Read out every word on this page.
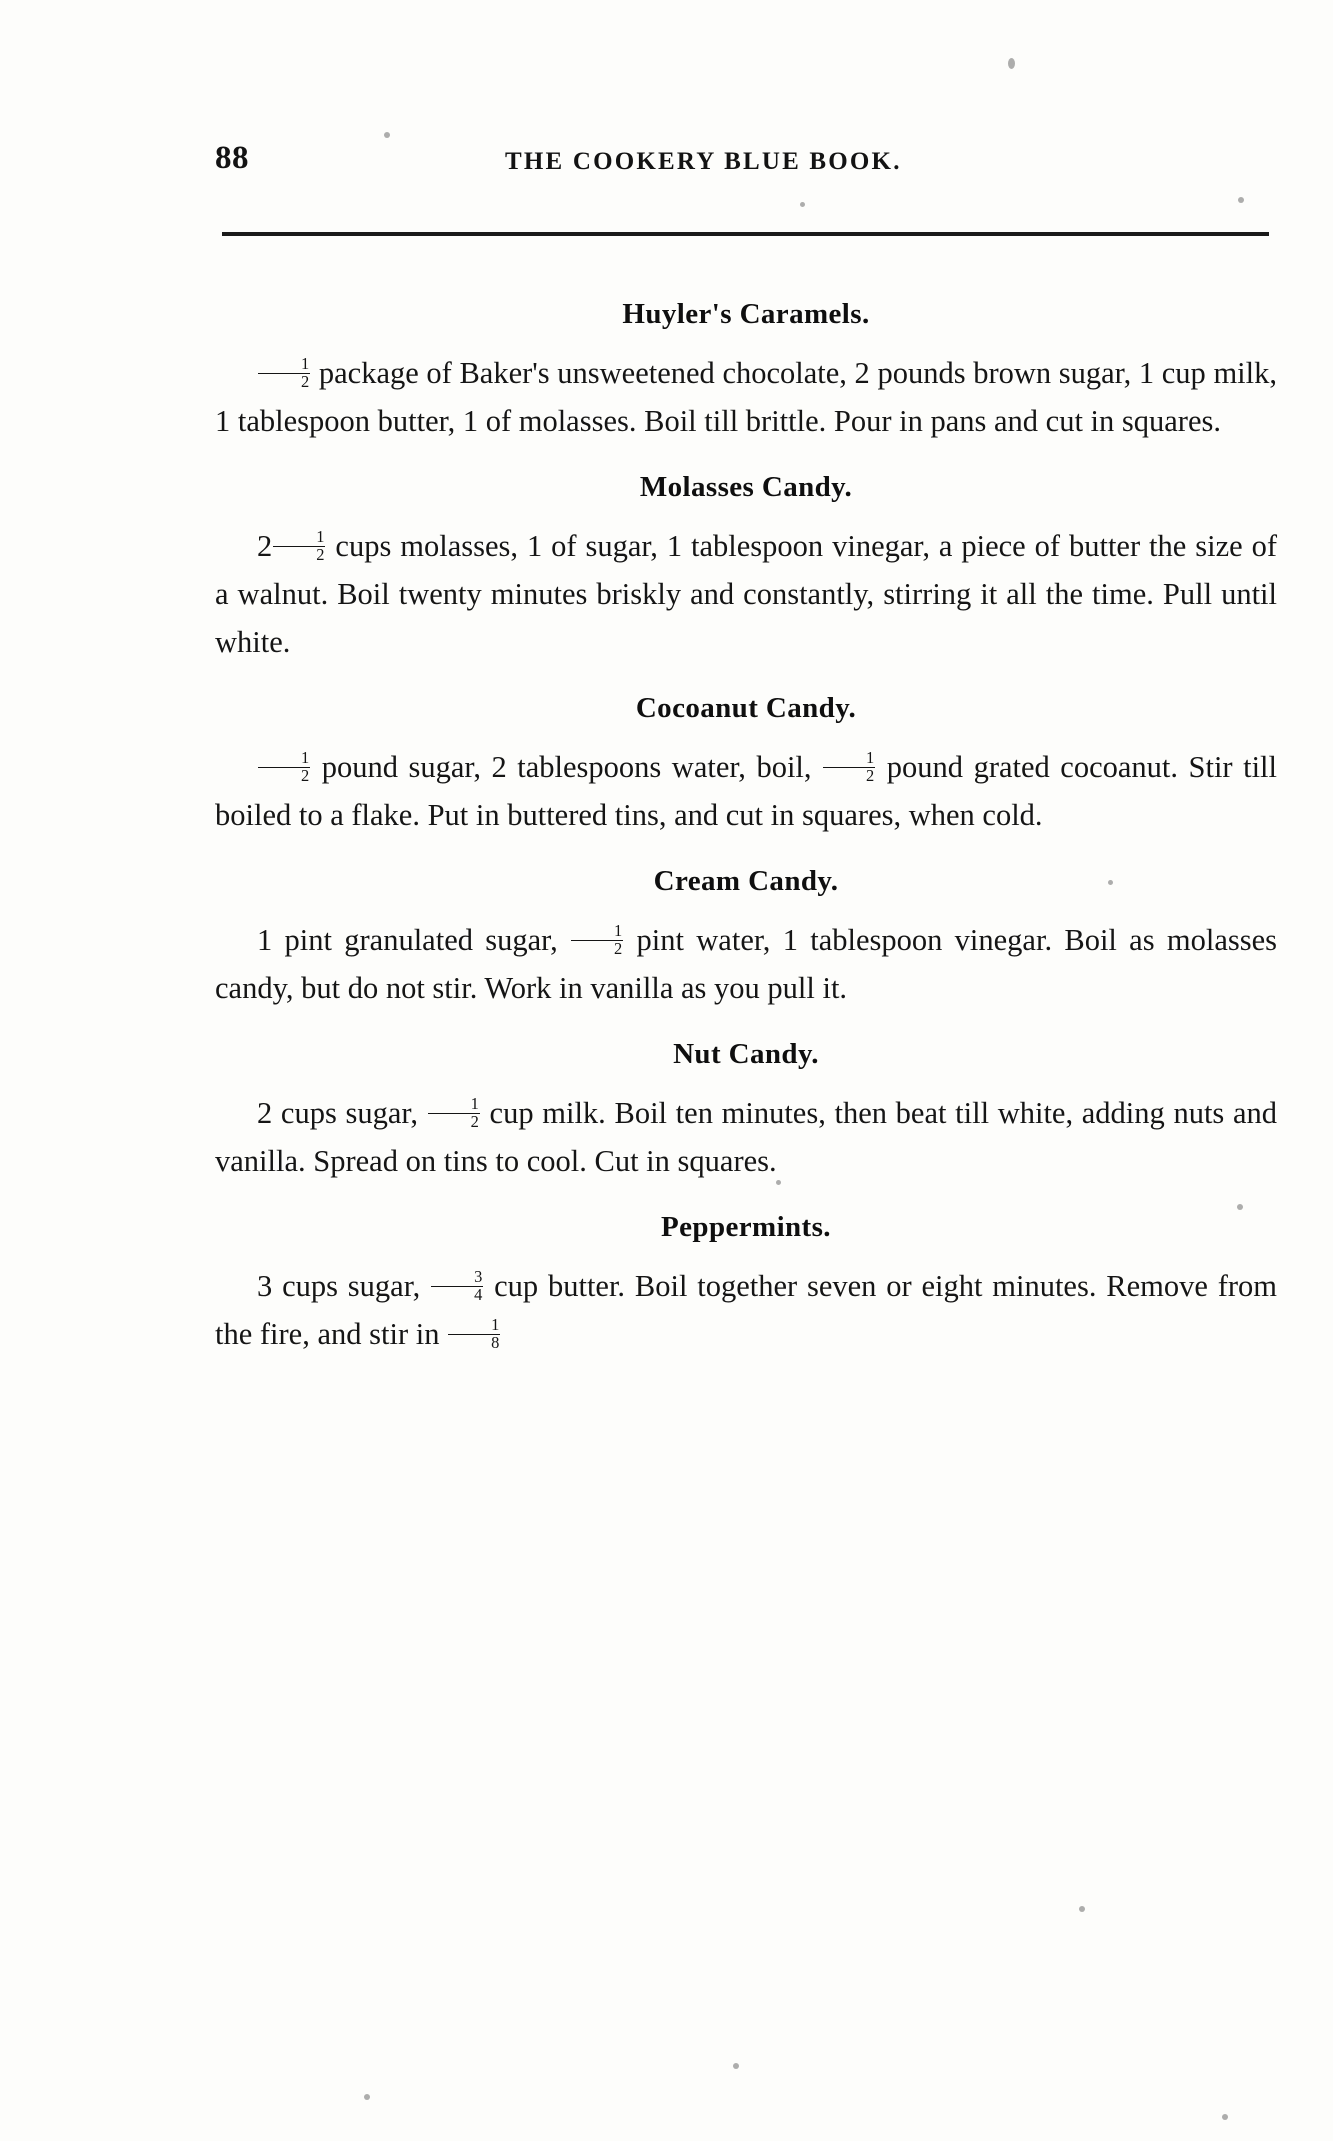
88	THE COOKERY BLUE BOOK.
Huyler's Caramels.
$\frac{1}{2}$ package of Baker's unsweetened chocolate, 2 pounds brown sugar, 1 cup milk, 1 tablespoon butter, 1 of molasses. Boil till brittle. Pour in pans and cut in squares.
Molasses Candy.
$2 \frac{1}{2}$ cups molasses, 1 of sugar, 1 tablespoon vinegar, a piece of butter the size of a walnut. Boil twenty minutes briskly and constantly, stirring it all the time. Pull until white.
Cocoanut Candy.
$\frac{1}{2}$ pound sugar, 2 tablespoons water, boil, $\frac{1}{2}$ pound grated cocoanut. Stir till boiled to a flake. Put in buttered tins, and cut in squares, when cold.
Cream Candy.
1 pint granulated sugar, $\frac{1}{2}$ pint water, 1 tablespoon vinegar. Boil as molasses candy, but do not stir. Work in vanilla as you pull it.
Nut Candy.
2 cups sugar, $\frac{1}{2}$ cup milk. Boil ten minutes, then beat till white, adding nuts and vanilla. Spread on tins to cool. Cut in squares.
Peppermints.
3 cups sugar, $\frac{3}{4}$ cup butter. Boil together seven or eight minutes. Remove from the fire, and stir in $\frac{1}{8}$
